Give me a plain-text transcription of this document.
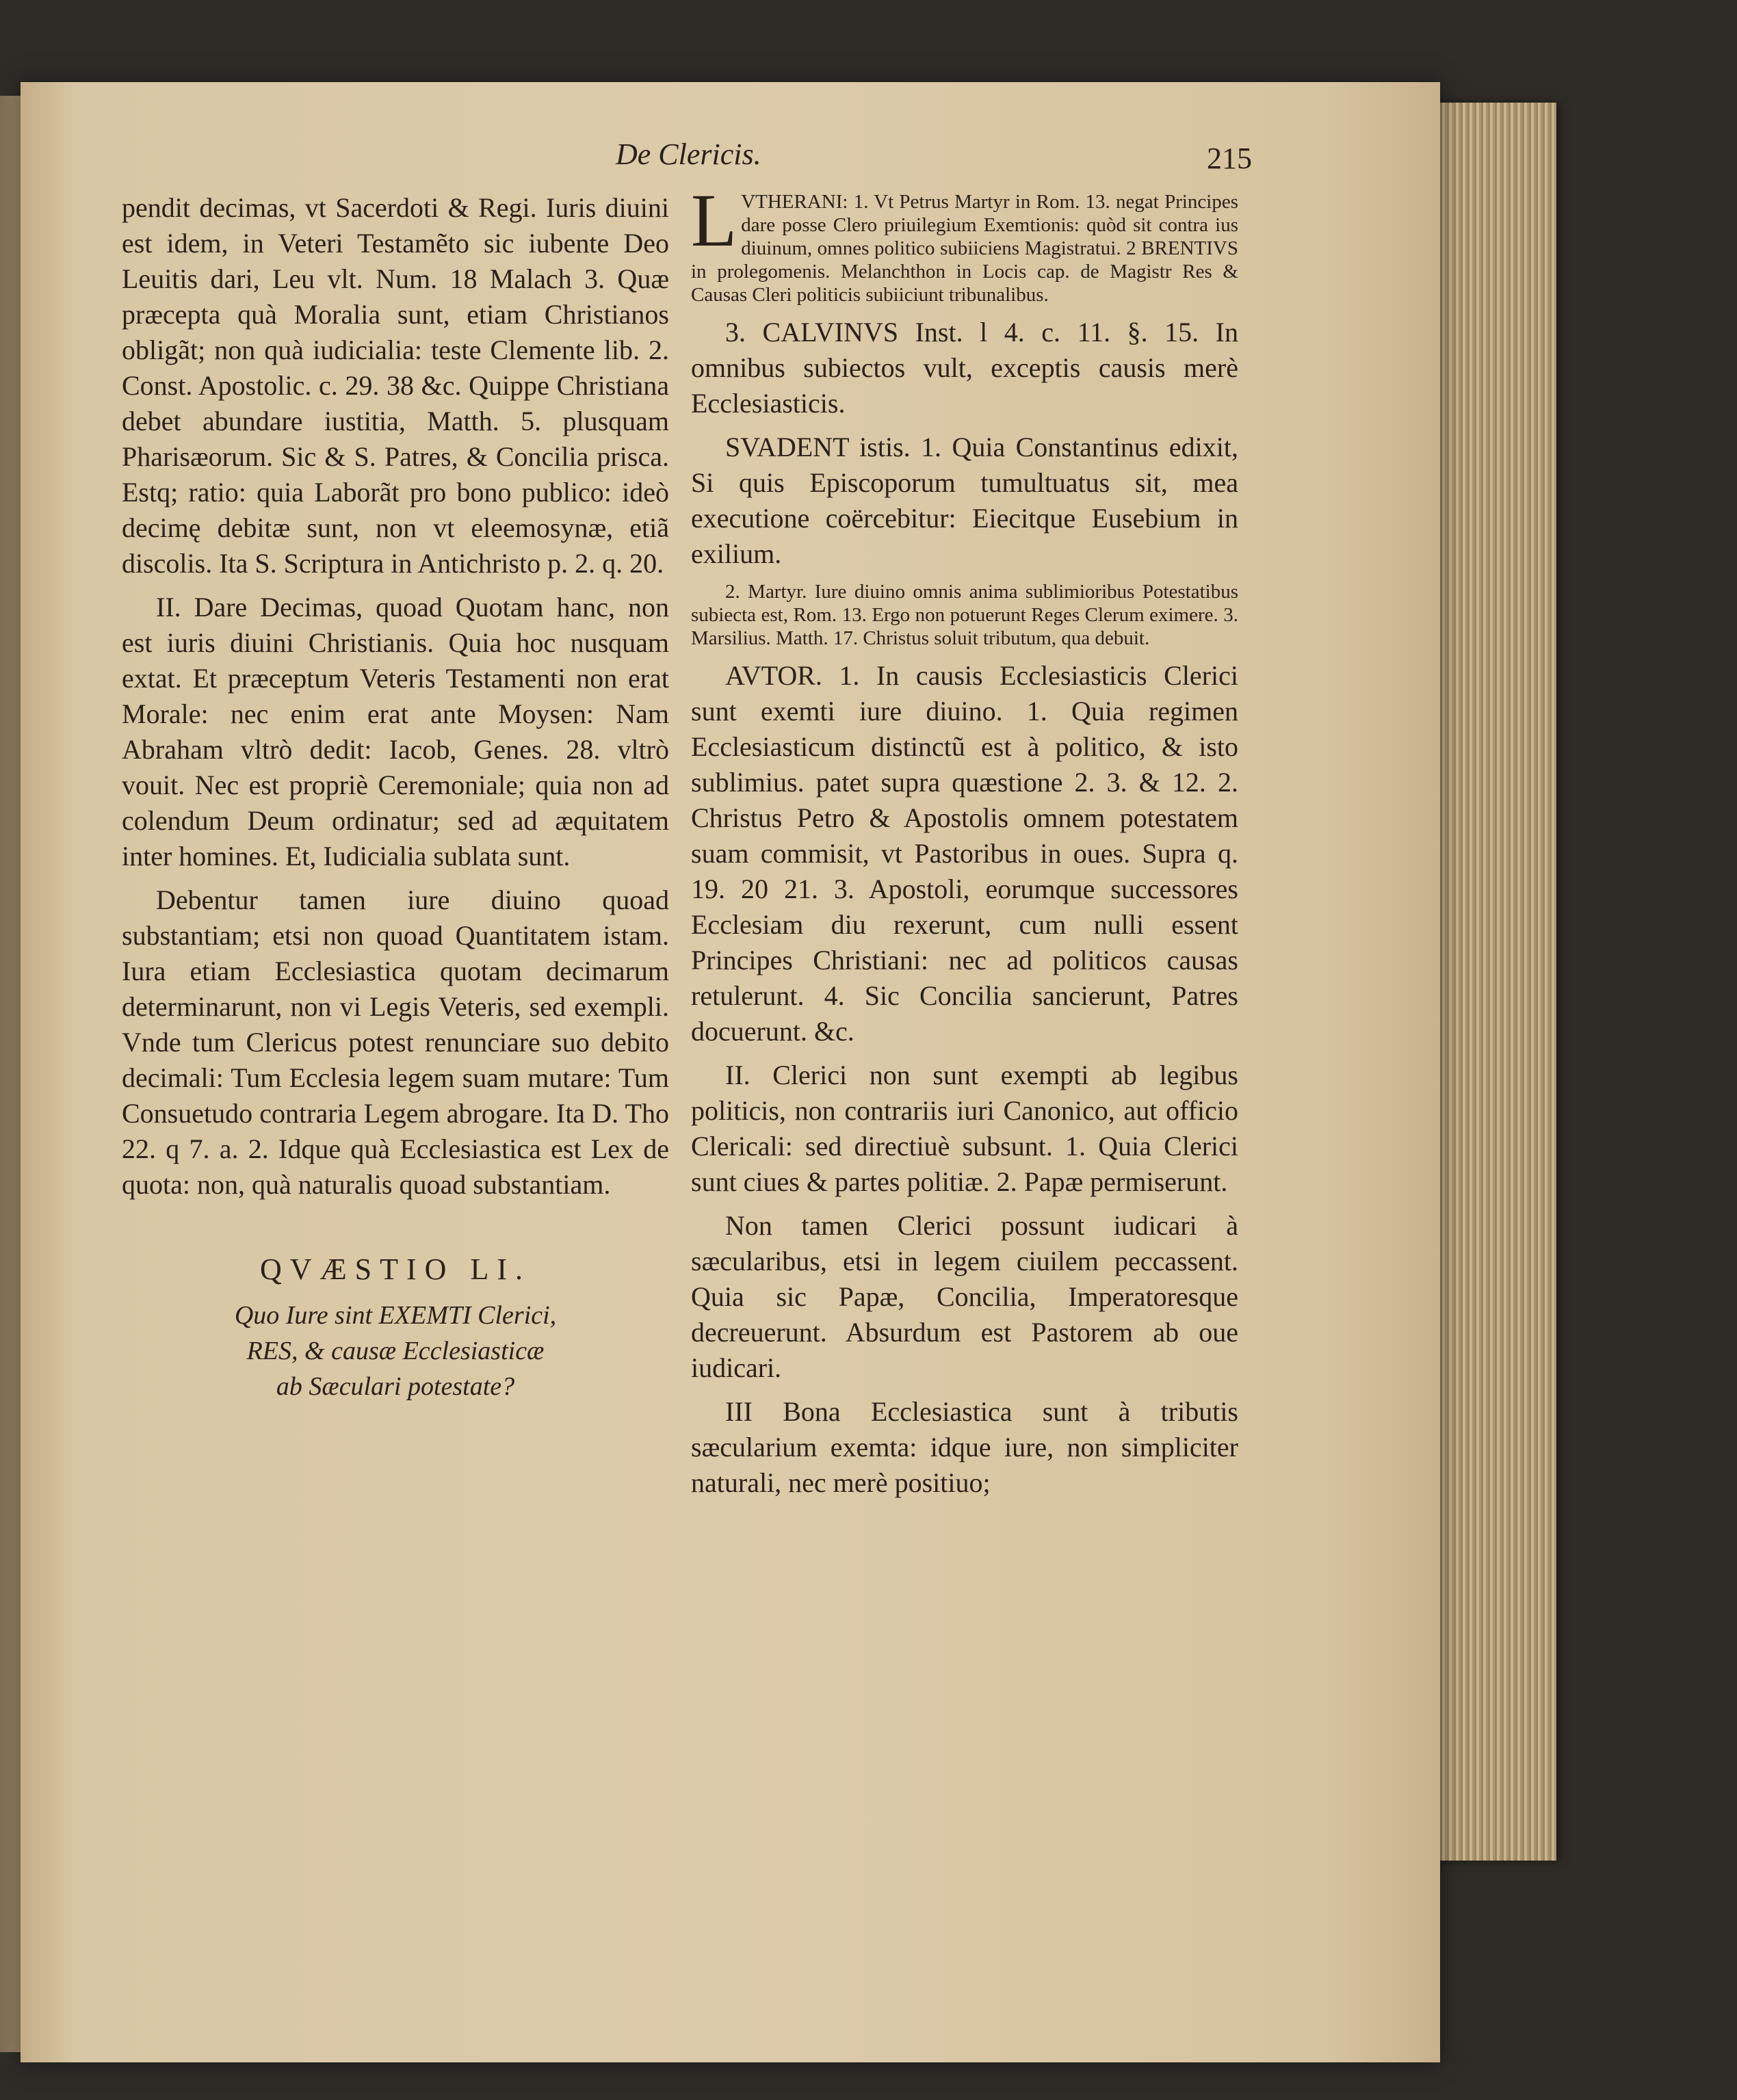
De Clericis.	215

pendit decimas, vt Sacerdoti & Regi. Iuris diuini est idem, in Veteri Testamẽto sic iubente Deo Leuitis dari, Leu vlt. Num. 18 Malach 3. Quæ præcepta quà Moralia sunt, etiam Christianos obligãt; non quà iudicialia: teste Clemente lib. 2. Const. Apostolic. c. 29. 38 &c. Quippe Christiana debet abundare iustitia, Matth. 5. plusquam Pharisæorum. Sic & S. Patres, & Concilia prisca. Estq; ratio: quia Laborãt pro bono publico: ideò decimę debitæ sunt, non vt eleemosynæ, etiã discolis. Ita S. Scriptura in Antichristo p. 2. q. 20.

II. Dare Decimas, quoad Quotam hanc, non est iuris diuini Christianis. Quia hoc nusquam extat. Et præceptum Veteris Testamenti non erat Morale: nec enim erat ante Moysen: Nam Abraham vltrò dedit: Iacob, Genes. 28. vltrò vouit. Nec est propriè Ceremoniale; quia non ad colendum Deum ordinatur; sed ad æquitatem inter homines. Et, Iudicialia sublata sunt.

Debentur tamen iure diuino quoad substantiam; etsi non quoad Quantitatem istam. Iura etiam Ecclesiastica quotam decimarum determinarunt, non vi Legis Veteris, sed exempli. Vnde tum Clericus potest renunciare suo debito decimali: Tum Ecclesia legem suam mutare: Tum Consuetudo contraria Legem abrogare. Ita D. Tho 22. q 7. a. 2. Idque quà Ecclesiastica est Lex de quota: non, quà naturalis quoad substantiam.

QVÆSTIO LI.

Quo Iure sint EXEMTI Clerici,

RES, & causæ Ecclesiasticæ

ab Sæculari potestate?

LVTHERANI: 1. Vt Petrus Martyr in Rom. 13. negat Principes dare posse Clero priuilegium Exemtionis: quòd sit contra ius diuinum, omnes politico subiiciens Magistratui. 2 BRENTIVS in prolegomenis. Melanchthon in Locis cap. de Magistr Res & Causas Cleri politicis subiiciunt tribunalibus.

3. CALVINVS Inst. l 4. c. 11. §. 15. In omnibus subiectos vult, exceptis causis merè Ecclesiasticis.

SVADENT istis. 1. Quia Constantinus edixit, Si quis Episcoporum tumultuatus sit, mea executione coërcebitur: Eiecitque Eusebium in exilium.

2. Martyr. Iure diuino omnis anima sublimioribus Potestatibus subiecta est, Rom. 13. Ergo non potuerunt Reges Clerum eximere. 3. Marsilius. Matth. 17. Christus soluit tributum, qua debuit.

AVTOR. 1. In causis Ecclesiasticis Clerici sunt exemti iure diuino. 1. Quia regimen Ecclesiasticum distinctũ est à politico, & isto sublimius. patet supra quæstione 2. 3. & 12. 2. Christus Petro & Apostolis omnem potestatem suam commisit, vt Pastoribus in oues. Supra q. 19. 20 21. 3. Apostoli, eorumque successores Ecclesiam diu rexerunt, cum nulli essent Principes Christiani: nec ad politicos causas retulerunt. 4. Sic Concilia sancierunt, Patres docuerunt. &c.

II. Clerici non sunt exempti ab legibus politicis, non contrariis iuri Canonico, aut officio Clericali: sed directiuè subsunt. 1. Quia Clerici sunt ciues & partes politiæ. 2. Papæ permiserunt.

Non tamen Clerici possunt iudicari à sæcularibus, etsi in legem ciuilem peccassent. Quia sic Papæ, Concilia, Imperatoresque decreuerunt. Absurdum est Pastorem ab oue iudicari.

III Bona Ecclesiastica sunt à tributis sæcularium exemta: idque iure, non simpliciter naturali, nec merè positiuo;
